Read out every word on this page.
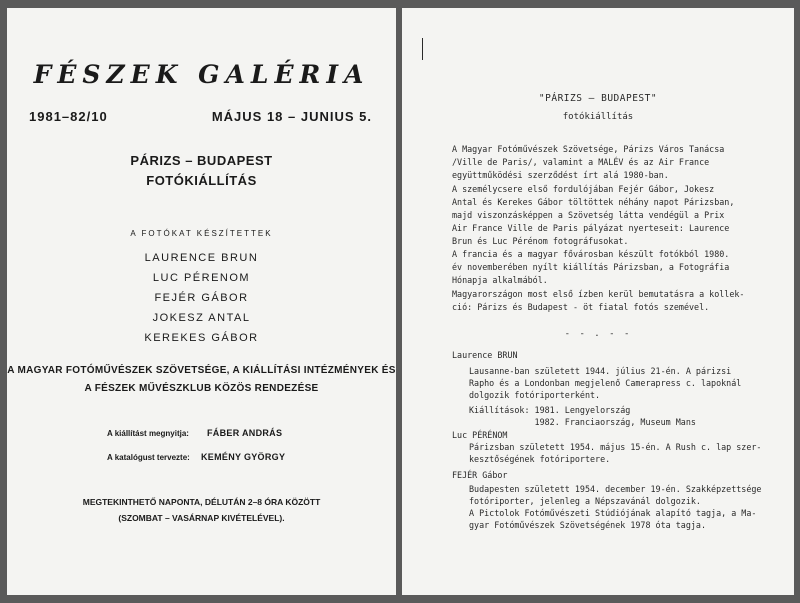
FÉSZEK GALÉRIA
1981–82/10	MÁJUS 18 – JUNIUS 5.
PÁRIZS – BUDAPEST
FOTÓKIÁLLÍTÁS
A FOTÓKAT KÉSZÍTETTEK
LAURENCE BRUN
LUC PÉRENOM
FEJÉR GÁBOR
JOKESZ ANTAL
KEREKES GÁBOR
A MAGYAR FOTÓMŰVÉSZEK SZÖVETSÉGE, A KIÁLLÍTÁSI INTÉZMÉNYEK ÉS
A FÉSZEK MŰVÉSZKLUB KÖZÖS RENDEZÉSE
A kiállítást megnyitja: FÁBER ANDRÁS
A katalógust tervezte: KEMÉNY GYÖRGY
MEGTEKINTHETŐ NAPONTA, DÉLUTÁN 2–8 ÓRA KÖZÖTT
(SZOMBAT – VASÁRNAP KIVÉTELÉVEL).
"PÁRIZS – BUDAPEST"
fotókiállítás
A Magyar Fotóművészek Szövetsége, Párizs Város Tanácsa
/Ville de Paris/, valamint a MALÉV és az Air France
együttműködési szerződést írt alá 1980-ban.
A személycsere első fordulójában Fejér Gábor, Jokesz
Antal és Kerekes Gábor töltöttek néhány napot Párizsban,
majd viszonzásképpen a Szövetség látta vendégül a Prix
Air France Ville de Paris pályázat nyerteseit: Laurence
Brun és Luc Pérénom fotográfusokat.
A francia és a magyar fővárosban készült fotókból 1980.
év novemberében nyílt kiállítás Párizsban, a Fotográfia
Hónapja alkalmából.
Magyarországon most első ízben kerül bemutatásra a kollek-
ció: Párizs és Budapest - öt fiatal fotós szemével.
- - . - -
Laurence BRUN
Lausanne-ban született 1944. július 21-én. A párizsi
Rapho és a Londonban megjelenő Camerapress c. lapoknál
dolgozik fotóriporterként.
Kiállítások: 1981. Lengyelország
1982. Franciaország, Museum Mans
Luc PÉRÉNOM
Párizsban született 1954. május 15-én. A Rush c. lap szer-
kesztőségének fotóriportere.
FEJÉR Gábor
Budapesten született 1954. december 19-én. Szakképzettsége
fotóriporter, jelenleg a Népszavánál dolgozik.
A Pictolok Fotóművészeti Stúdiójának alapító tagja, a Ma-
gyar Fotóművészek Szövetségének 1978 óta tagja.
